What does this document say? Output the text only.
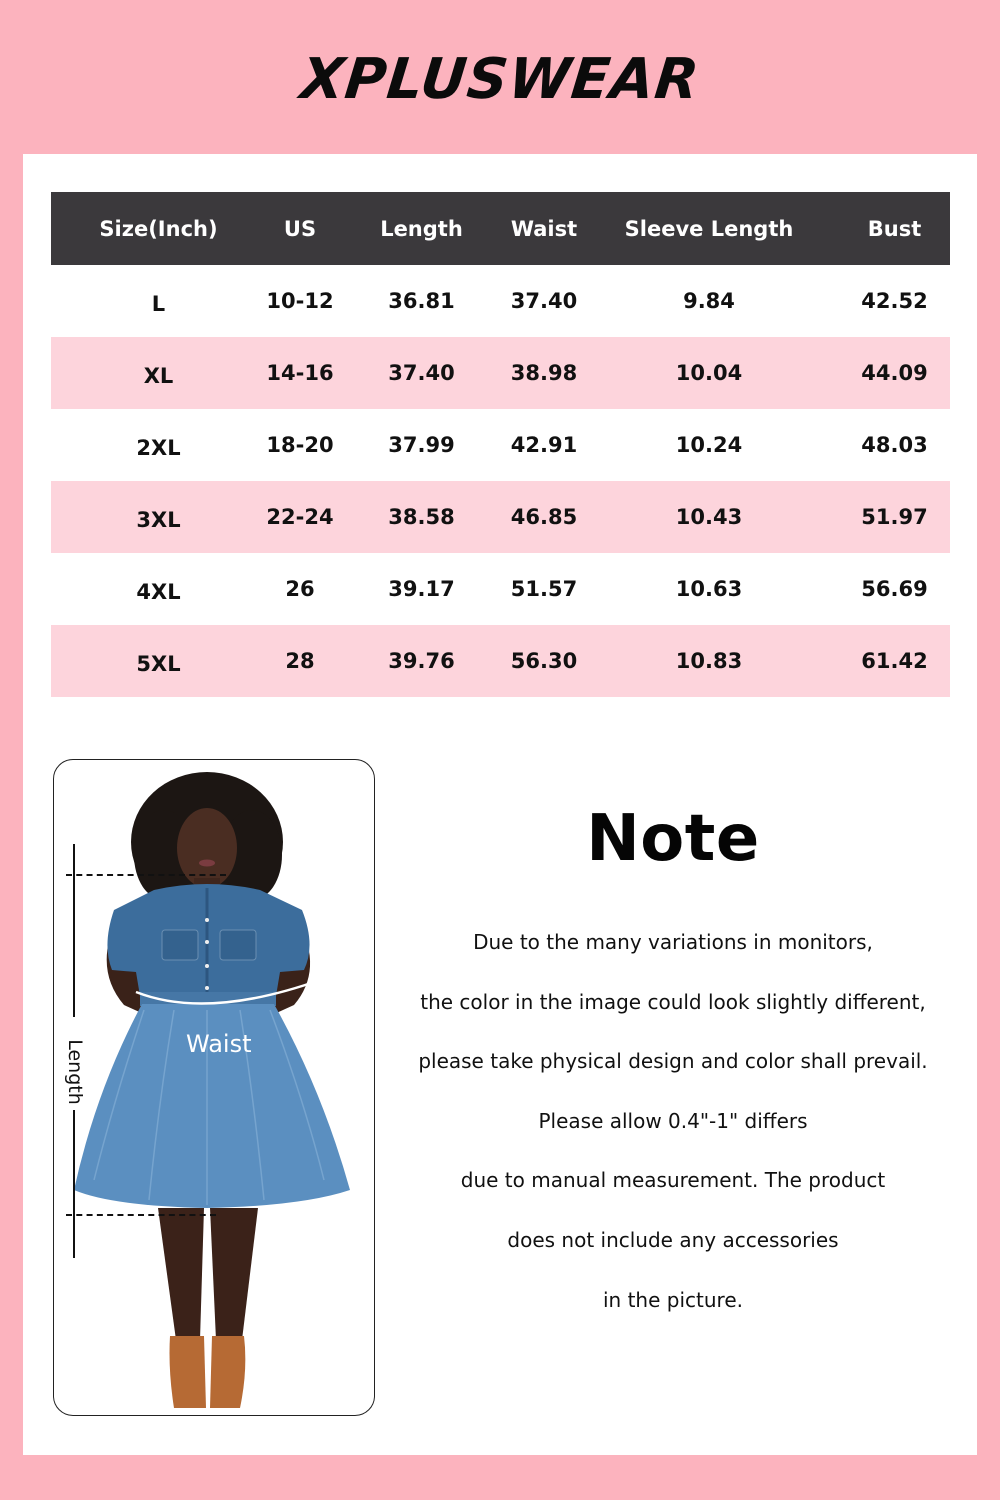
XPLUSWEAR
Size(Inch)	US	Length	Waist	Sleeve Length	Bust
L	10-12	36.81	37.40	9.84	42.52
XL	14-16	37.40	38.98	10.04	44.09
2XL	18-20	37.99	42.91	10.24	48.03
3XL	22-24	38.58	46.85	10.43	51.97
4XL	26	39.17	51.57	10.63	56.69
5XL	28	39.76	56.30	10.83	61.42
Length	Waist
Note
Due to the many variations in monitors,
the color in the image could look slightly different,
please take physical design and color shall prevail.
Please allow 0.4"-1" differs
due to manual measurement. The product
does not include any accessories
in the picture.
